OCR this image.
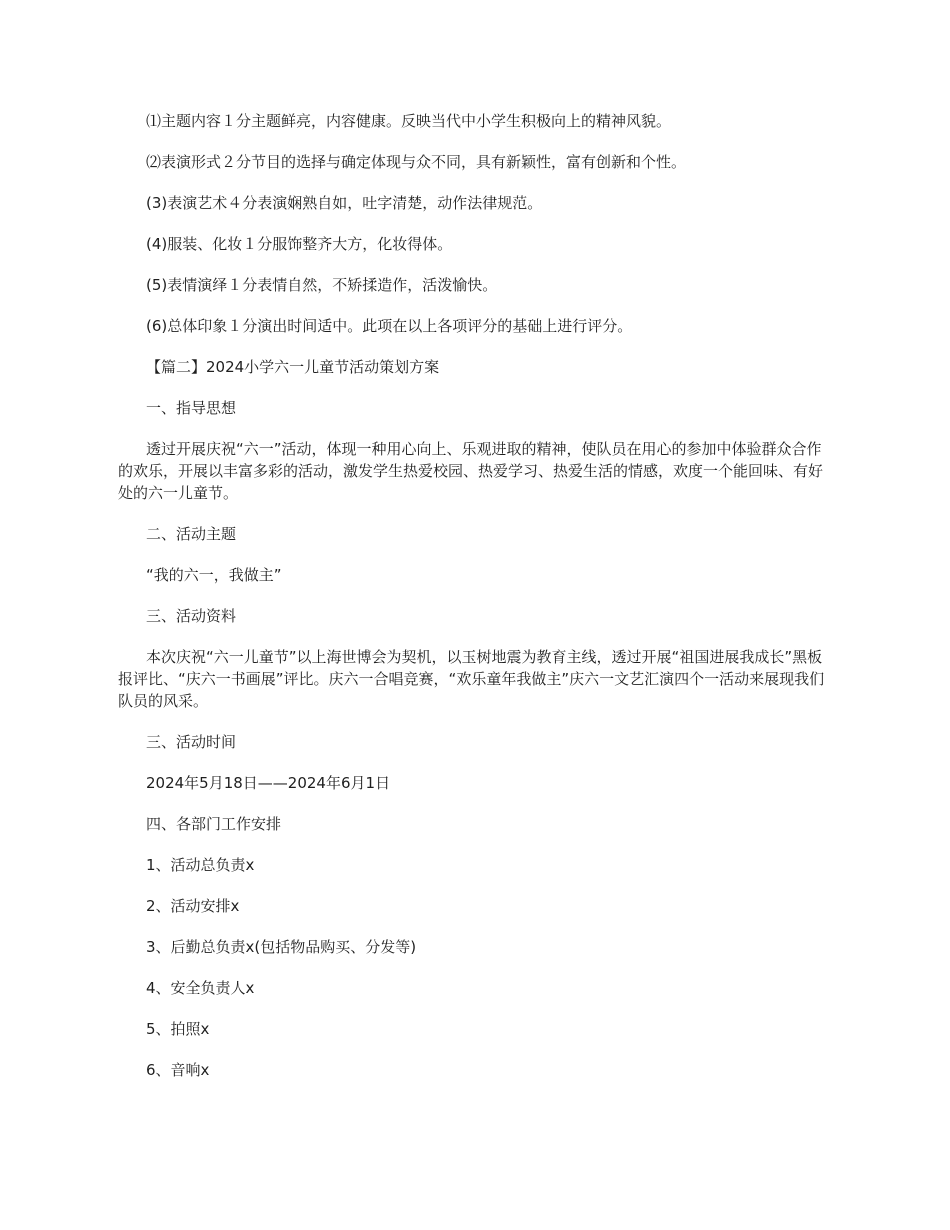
⑴主题内容１分主题鲜亮，内容健康。反映当代中小学生积极向上的精神风貌。

⑵表演形式２分节目的选择与确定体现与众不同，具有新颖性，富有创新和个性。

(3)表演艺术４分表演娴熟自如，吐字清楚，动作法律规范。

(4)服装、化妆１分服饰整齐大方，化妆得体。

(5)表情演绎１分表情自然，不矫揉造作，活泼愉快。

(6)总体印象１分演出时间适中。此项在以上各项评分的基础上进行评分。

【篇二】2024小学六一儿童节活动策划方案

一、指导思想

透过开展庆祝“六一”活动，体现一种用心向上、乐观进取的精神，使队员在用心的参加中体验群众合作的欢乐，开展以丰富多彩的活动，激发学生热爱校园、热爱学习、热爱生活的情感，欢度一个能回味、有好处的六一儿童节。

二、活动主题

“我的六一，我做主”

三、活动资料

本次庆祝“六一儿童节”以上海世博会为契机，以玉树地震为教育主线，透过开展“祖国进展我成长”黑板报评比、“庆六一书画展”评比。庆六一合唱竞赛，“欢乐童年我做主”庆六一文艺汇演四个一活动来展现我们队员的风采。

三、活动时间

2024年5月18日——2024年6月1日

四、各部门工作安排

1、活动总负责x

2、活动安排x

3、后勤总负责x(包括物品购买、分发等)

4、安全负责人x

5、拍照x

6、音响x
